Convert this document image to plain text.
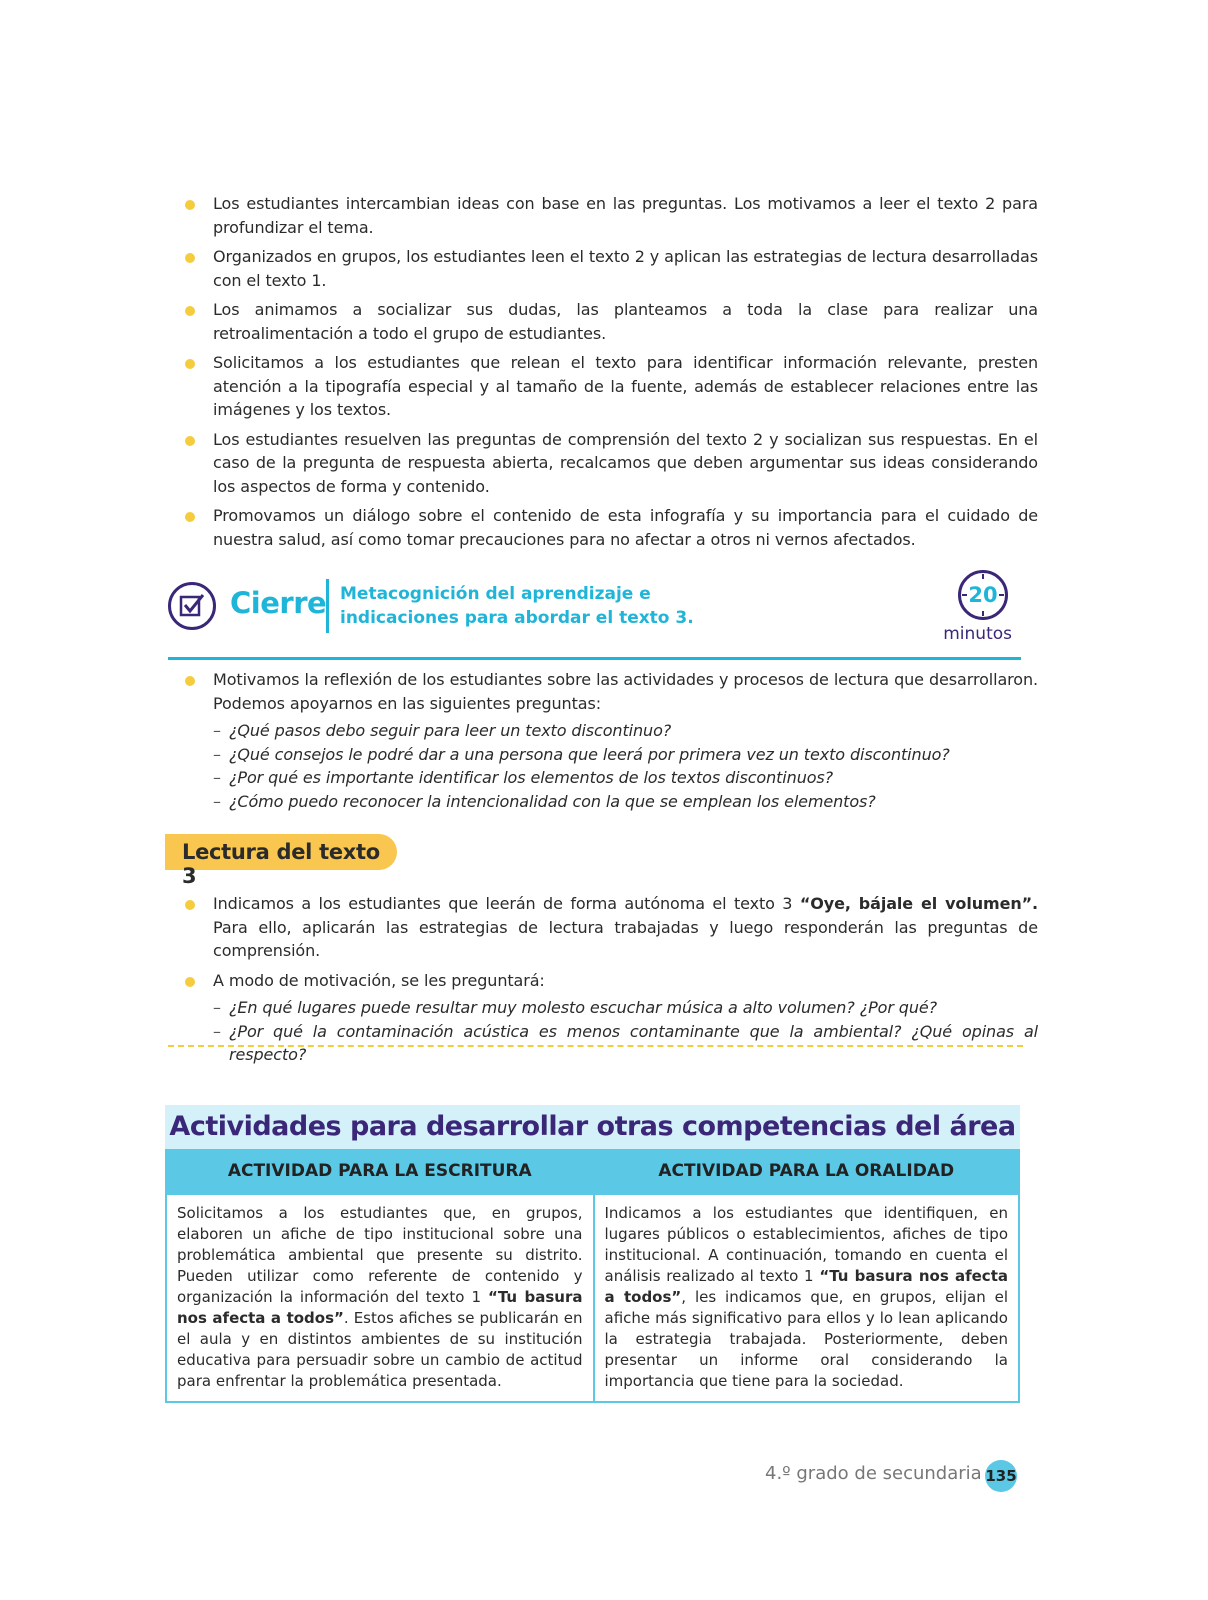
Los estudiantes intercambian ideas con base en las preguntas. Los motivamos a leer el texto 2 para profundizar el tema.
Organizados en grupos, los estudiantes leen el texto 2 y aplican las estrategias de lectura desarrolladas con el texto 1.
Los animamos a socializar sus dudas, las planteamos a toda la clase para realizar una retroalimentación a todo el grupo de estudiantes.
Solicitamos a los estudiantes que relean el texto para identificar información relevante, presten atención a la tipografía especial y al tamaño de la fuente, además de establecer relaciones entre las imágenes y los textos.
Los estudiantes resuelven las preguntas de comprensión del texto 2 y socializan sus respuestas. En el caso de la pregunta de respuesta abierta, recalcamos que deben argumentar sus ideas considerando los aspectos de forma y contenido.
Promovamos un diálogo sobre el contenido de esta infografía y su importancia para el cuidado de nuestra salud, así como tomar precauciones para no afectar a otros ni vernos afectados.
Cierre Metacognición del aprendizaje e indicaciones para abordar el texto 3.
20
minutos
Motivamos la reflexión de los estudiantes sobre las actividades y procesos de lectura que desarrollaron. Podemos apoyarnos en las siguientes preguntas:
– ¿Qué pasos debo seguir para leer un texto discontinuo?
– ¿Qué consejos le podré dar a una persona que leerá por primera vez un texto discontinuo?
– ¿Por qué es importante identificar los elementos de los textos discontinuos?
– ¿Cómo puedo reconocer la intencionalidad con la que se emplean los elementos?
Lectura del texto 3
Indicamos a los estudiantes que leerán de forma autónoma el texto 3 “Oye, bájale el volumen”. Para ello, aplicarán las estrategias de lectura trabajadas y luego responderán las preguntas de comprensión.
A modo de motivación, se les preguntará:
– ¿En qué lugares puede resultar muy molesto escuchar música a alto volumen? ¿Por qué?
– ¿Por qué la contaminación acústica es menos contaminante que la ambiental? ¿Qué opinas al respecto?
Actividades para desarrollar otras competencias del área
ACTIVIDAD PARA LA ESCRITURA
Solicitamos a los estudiantes que, en grupos, elaboren un afiche de tipo institucional sobre una problemática ambiental que presente su distrito. Pueden utilizar como referente de contenido y organización la información del texto 1 “Tu basura nos afecta a todos”. Estos afiches se publicarán en el aula y en distintos ambientes de su institución educativa para persuadir sobre un cambio de actitud para enfrentar la problemática presentada.
ACTIVIDAD PARA LA ORALIDAD
Indicamos a los estudiantes que identifiquen, en lugares públicos o establecimientos, afiches de tipo institucional. A continuación, tomando en cuenta el análisis realizado al texto 1 “Tu basura nos afecta a todos”, les indicamos que, en grupos, elijan el afiche más significativo para ellos y lo lean aplicando la estrategia trabajada. Posteriormente, deben presentar un informe oral considerando la importancia que tiene para la sociedad.
4.º grado de secundaria 135
